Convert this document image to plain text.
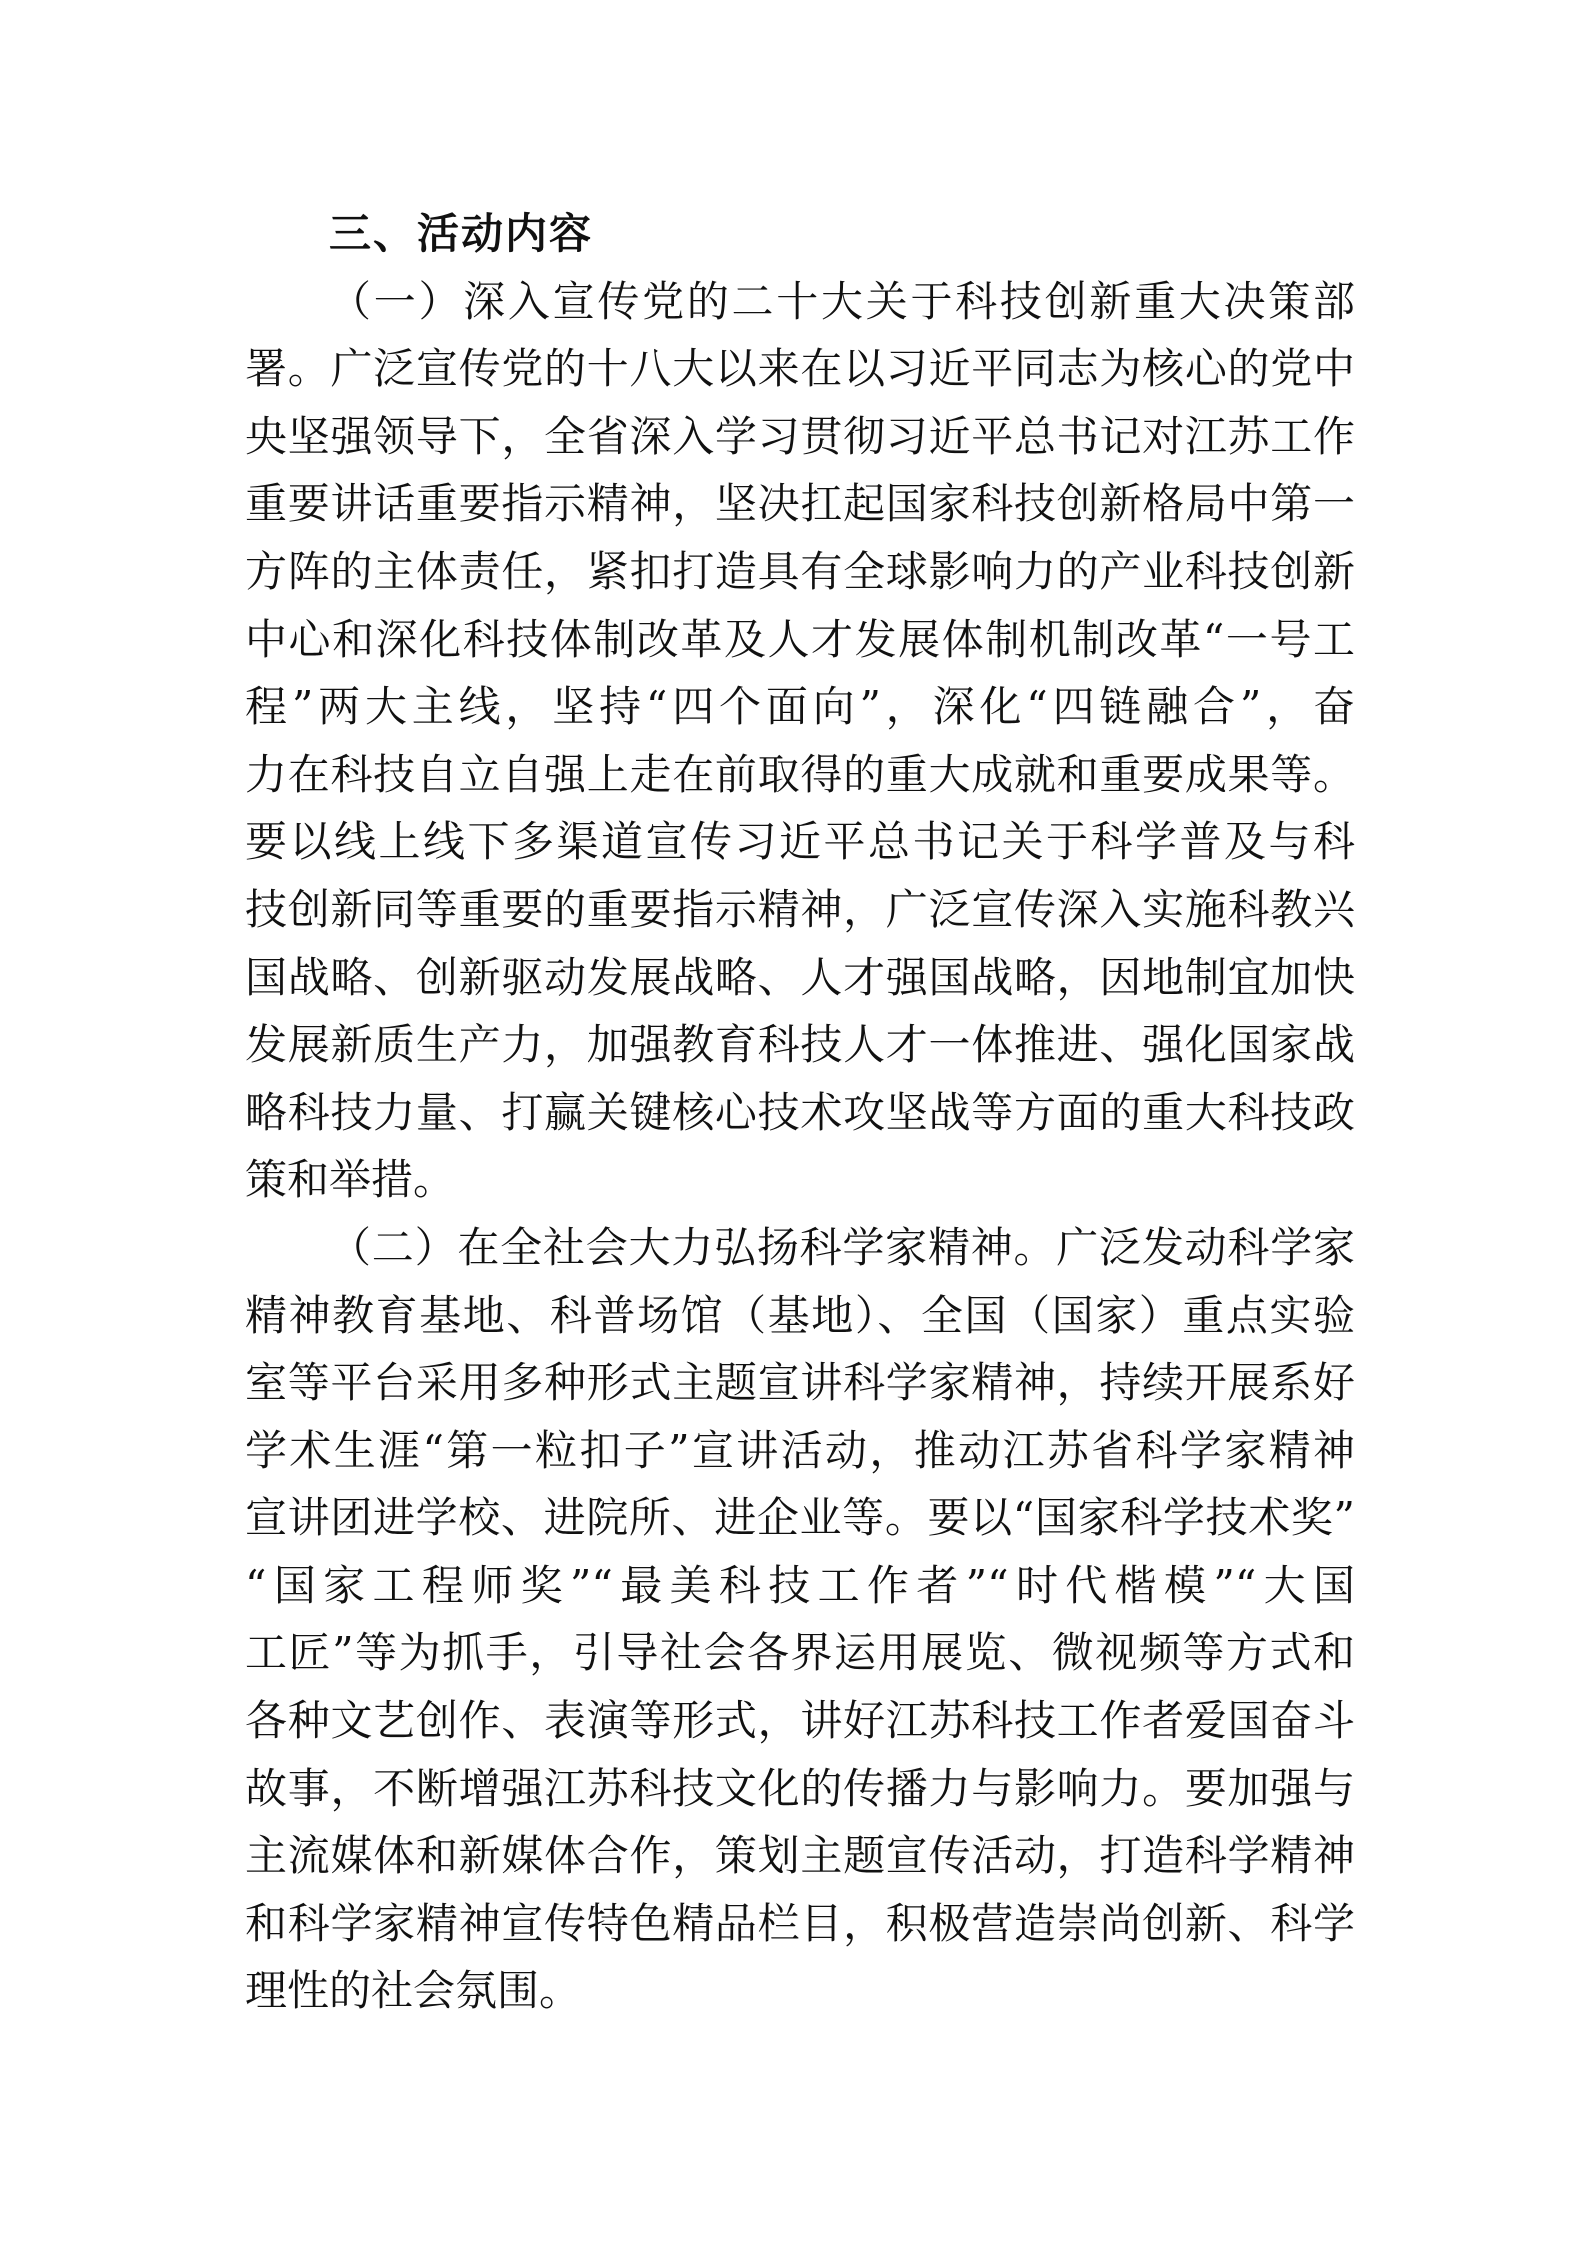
三、活动内容
（一）深入宣传党的二十大关于科技创新重大决策部
署。广泛宣传党的十八大以来在以习近平同志为核心的党中
央坚强领导下，全省深入学习贯彻习近平总书记对江苏工作
重要讲话重要指示精神，坚决扛起国家科技创新格局中第一
方阵的主体责任，紧扣打造具有全球影响力的产业科技创新
中心和深化科技体制改革及人才发展体制机制改革“一号工
程”两大主线，坚持“四个面向”，深化“四链融合”，奋
力在科技自立自强上走在前取得的重大成就和重要成果等。
要以线上线下多渠道宣传习近平总书记关于科学普及与科
技创新同等重要的重要指示精神，广泛宣传深入实施科教兴
国战略、创新驱动发展战略、人才强国战略，因地制宜加快
发展新质生产力，加强教育科技人才一体推进、强化国家战
略科技力量、打赢关键核心技术攻坚战等方面的重大科技政
策和举措。
（二）在全社会大力弘扬科学家精神。广泛发动科学家
精神教育基地、科普场馆（基地）、全国（国家）重点实验
室等平台采用多种形式主题宣讲科学家精神，持续开展系好
学术生涯“第一粒扣子”宣讲活动，推动江苏省科学家精神
宣讲团进学校、进院所、进企业等。要以“国家科学技术奖”
“国家工程师奖”“最美科技工作者”“时代楷模”“大国
工匠”等为抓手，引导社会各界运用展览、微视频等方式和
各种文艺创作、表演等形式，讲好江苏科技工作者爱国奋斗
故事，不断增强江苏科技文化的传播力与影响力。要加强与
主流媒体和新媒体合作，策划主题宣传活动，打造科学精神
和科学家精神宣传特色精品栏目，积极营造崇尚创新、科学
理性的社会氛围。
